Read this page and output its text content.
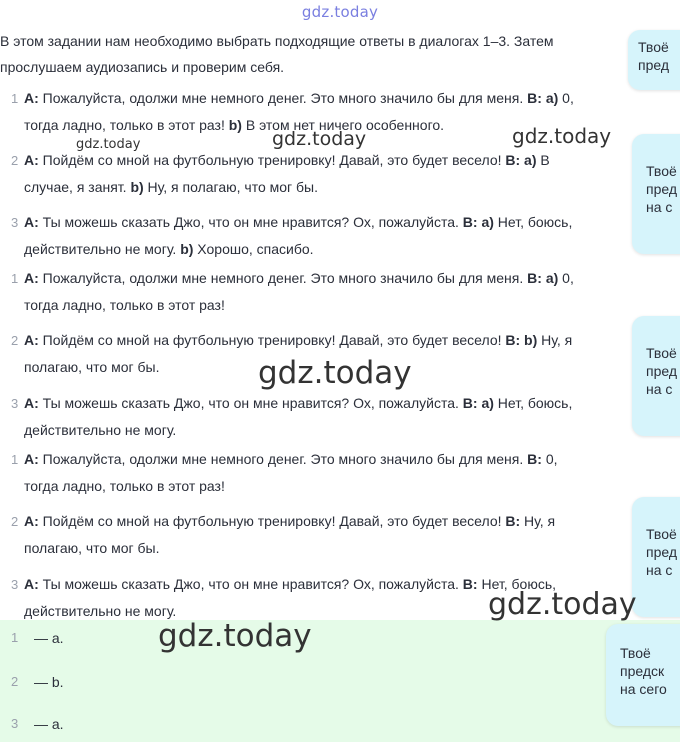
gdz.today

В этом задании нам необходимо выбрать подходящие ответы в диалогах 1–3. Затем

прослушаем аудиозапись и проверим себя.

1 A: Пожалуйста, одолжи мне немного денег. Это много значило бы для меня. B: a) 0,
тогда ладно, только в этот раз! b) В этом нет ничего особенного.
2 A: Пойдём со мной на футбольную тренировку! Давай, это будет весело! B: a) В
случае, я занят. b) Ну, я полагаю, что мог бы.
3 A: Ты можешь сказать Джо, что он мне нравится? Ох, пожалуйста. B: a) Нет, боюсь,
действительно не могу. b) Хорошо, спасибо.
1 A: Пожалуйста, одолжи мне немного денег. Это много значило бы для меня. B: a) 0,
тогда ладно, только в этот раз!
2 A: Пойдём со мной на футбольную тренировку! Давай, это будет весело! B: b) Ну, я
полагаю, что мог бы.
3 A: Ты можешь сказать Джо, что он мне нравится? Ох, пожалуйста. B: a) Нет, боюсь,
действительно не могу.
1 A: Пожалуйста, одолжи мне немного денег. Это много значило бы для меня. B: 0,
тогда ладно, только в этот раз!
2 A: Пойдём со мной на футбольную тренировку! Давай, это будет весело! B: Ну, я
полагаю, что мог бы.
3 A: Ты можешь сказать Джо, что он мне нравится? Ох, пожалуйста. B: Нет, боюсь,
действительно не могу.
1 — a.
2 — b.
3 — a.
Твоё
пред
Твоё
пред
на с
Твоё
пред
на с
Твоё
пред
на с
Твоё
предск
на сего
gdz.today	gdz.today	gdz.today
gdz.today
gdz.today
gdz.today
